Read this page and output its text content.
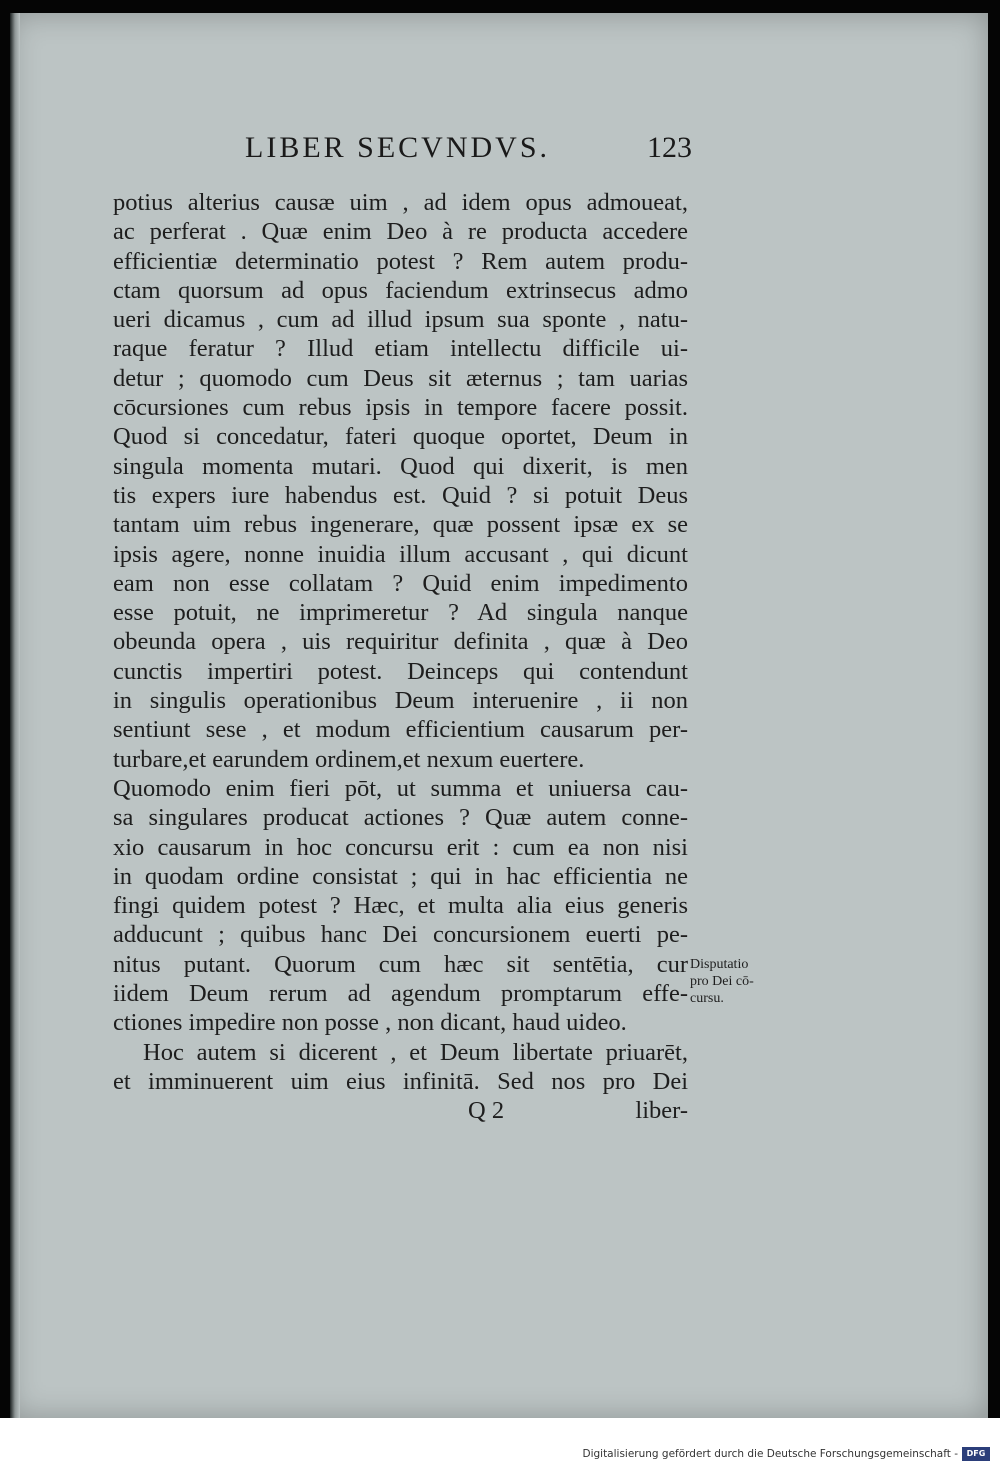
LIBER SECVNDVS.	123
potius alterius causæ uim , ad idem opus admoueat,
ac perferat . Quæ enim Deo à re producta accedere
efficientiæ determinatio potest ? Rem autem produ-
ctam quorsum ad opus faciendum extrinsecus admo
ueri dicamus , cum ad illud ipsum sua sponte , natu-
raque feratur ? Illud etiam intellectu difficile ui-
detur ; quomodo cum Deus sit æternus ; tam uarias
cōcursiones cum rebus ipsis in tempore facere possit.
Quod si concedatur, fateri quoque oportet, Deum in
singula momenta mutari. Quod qui dixerit, is men
tis expers iure habendus est. Quid ? si potuit Deus
tantam uim rebus ingenerare, quæ possent ipsæ ex se
ipsis agere, nonne inuidia illum accusant , qui dicunt
eam non esse collatam ? Quid enim impedimento
esse potuit, ne imprimeretur ? Ad singula nanque
obeunda opera , uis requiritur definita , quæ à Deo
cunctis impertiri potest. Deinceps qui contendunt
in singulis operationibus Deum interuenire , ii non
sentiunt sese , et modum efficientium causarum per-
turbare,et earundem ordinem,et nexum euertere.
Quomodo enim fieri pōt, ut summa et uniuersa cau-
sa singulares producat actiones ? Quæ autem conne-
xio causarum in hoc concursu erit : cum ea non nisi
in quodam ordine consistat ; qui in hac efficientia ne
fingi quidem potest ? Hæc, et multa alia eius generis
adducunt ; quibus hanc Dei concursionem euerti pe-
nitus putant. Quorum cum hæc sit sentētia, cur
iidem Deum rerum ad agendum promptarum effe-
ctiones impedire non posse , non dicant, haud uideo.
Hoc autem si dicerent , et Deum libertate priuarēt,
et imminuerent uim eius infinitā. Sed nos pro Dei
Disputatio
pro Dei cō-
cursu.
Q 2	liber-
Digitalisierung gefördert durch die Deutsche Forschungsgemeinschaft -	DFG
